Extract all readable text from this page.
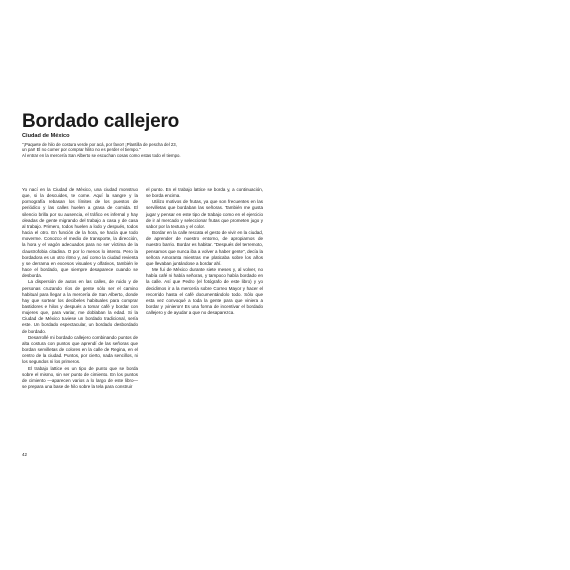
Bordado callejero
Ciudad de México

"¡Paquete de hilo de costura verde por acá, por favor! ¡Plantilla de pescha del 23,

un par! El no comer por comprar hilito no es perder el tiempo."

Al entrar en la mercería San Alberto se escuchan cosas como estas todo el tiempo.

Yo nací en la Ciudad de México, una ciudad monstruo que, si la descuides, te come. Aquí la sangre y la pornografía rebasan los límites de los puestos de periódico y las calles huelen a grasa de comida. El silencio brilla por su ausencia, el tráfico es infernal y hay oleadas de gente migrando del trabajo a casa y de casa al trabajo. Primero, todos huelen a lodo y después, todos hacia el otro. En función de la hora, se hacía que todo moverme. Conozco el medio de transporte, la dirección, la hora y el vagón adecuados para no ser víctima de la claustrofobia citadina. O por lo menos lo intento. Pero la bordadora es un otro ritmo y, así como la ciudad revienta y se derrama en excesos visuales y olfativos, también le hace el bordado, que siempre desaparece cuando se desborda.

La dispersión de autos en las calles, de ruido y de personas cruzando ríos de gente sólo ser el camino habitual para llegar a la mercería de San Alberto, donde hay que sortear los decibeles habituales para comprar bastidores e hilos y después a tomar café y bordar con mujeres que, para variar, me doblaban la edad. Si la Ciudad de México tuviese un bordado tradicional, sería este. Un bordado espectacular, un bordado desbordado de bordado.

Desarrollé mi bordado callejero combinando puntos de alta costura con puntos que aprendí de las señoras que bordan servilletas de colores en la calle de Regina, en el centro de la ciudad. Puntos, por cierto, nada sencillos, ni los segundos ni los primeros.

El trabajo lattice es un tipo de punto que se borda sobre el mismo, sin ser punto de cimiento. En los puntos de cimiento —aparecen varios a lo largo de este libro— se prepara una base de hilo sobre la tela para construir

el punto. En el trabajo lattice se borda y, a continuación, se borda encima.

Utilizo motivos de frutas, ya que son frecuentes en las servilletas que bordaban las señoras. También me gusta jugar y pensar en este tipo de trabajo como en el ejercicio de ir al mercado y seleccionar frutas que prometen jugo y sabor por la textura y el color.

Bordar en la calle rescata el gesto de vivir en la ciudad, de aprender de nuestro entorno, de apropiarnos de nuestro barrio. Bordar es habitar. "Después del terremoto, pensamos que nunca iba a volver a haber gente", decía la señora Amoranta mientras me platicaba sobre los años que llevaban juntándose a bordar ahí.

Me fui de México durante siete meses y, al volver, no había café ni había señoras, y tampoco había bordado en la calle. Así que Pedro (el fotógrafo de este libro) y yo decidimos ir a la mercería sobre Correo Mayor y hacer el recorrido hasta el café documentándolo todo. Sólo que esta vez convoqué a toda la gente para que viniera a bordar y ¡vinieron! Es una forma de incentivar el bordado callejero y de ayudar a que no desaparezca.

42
